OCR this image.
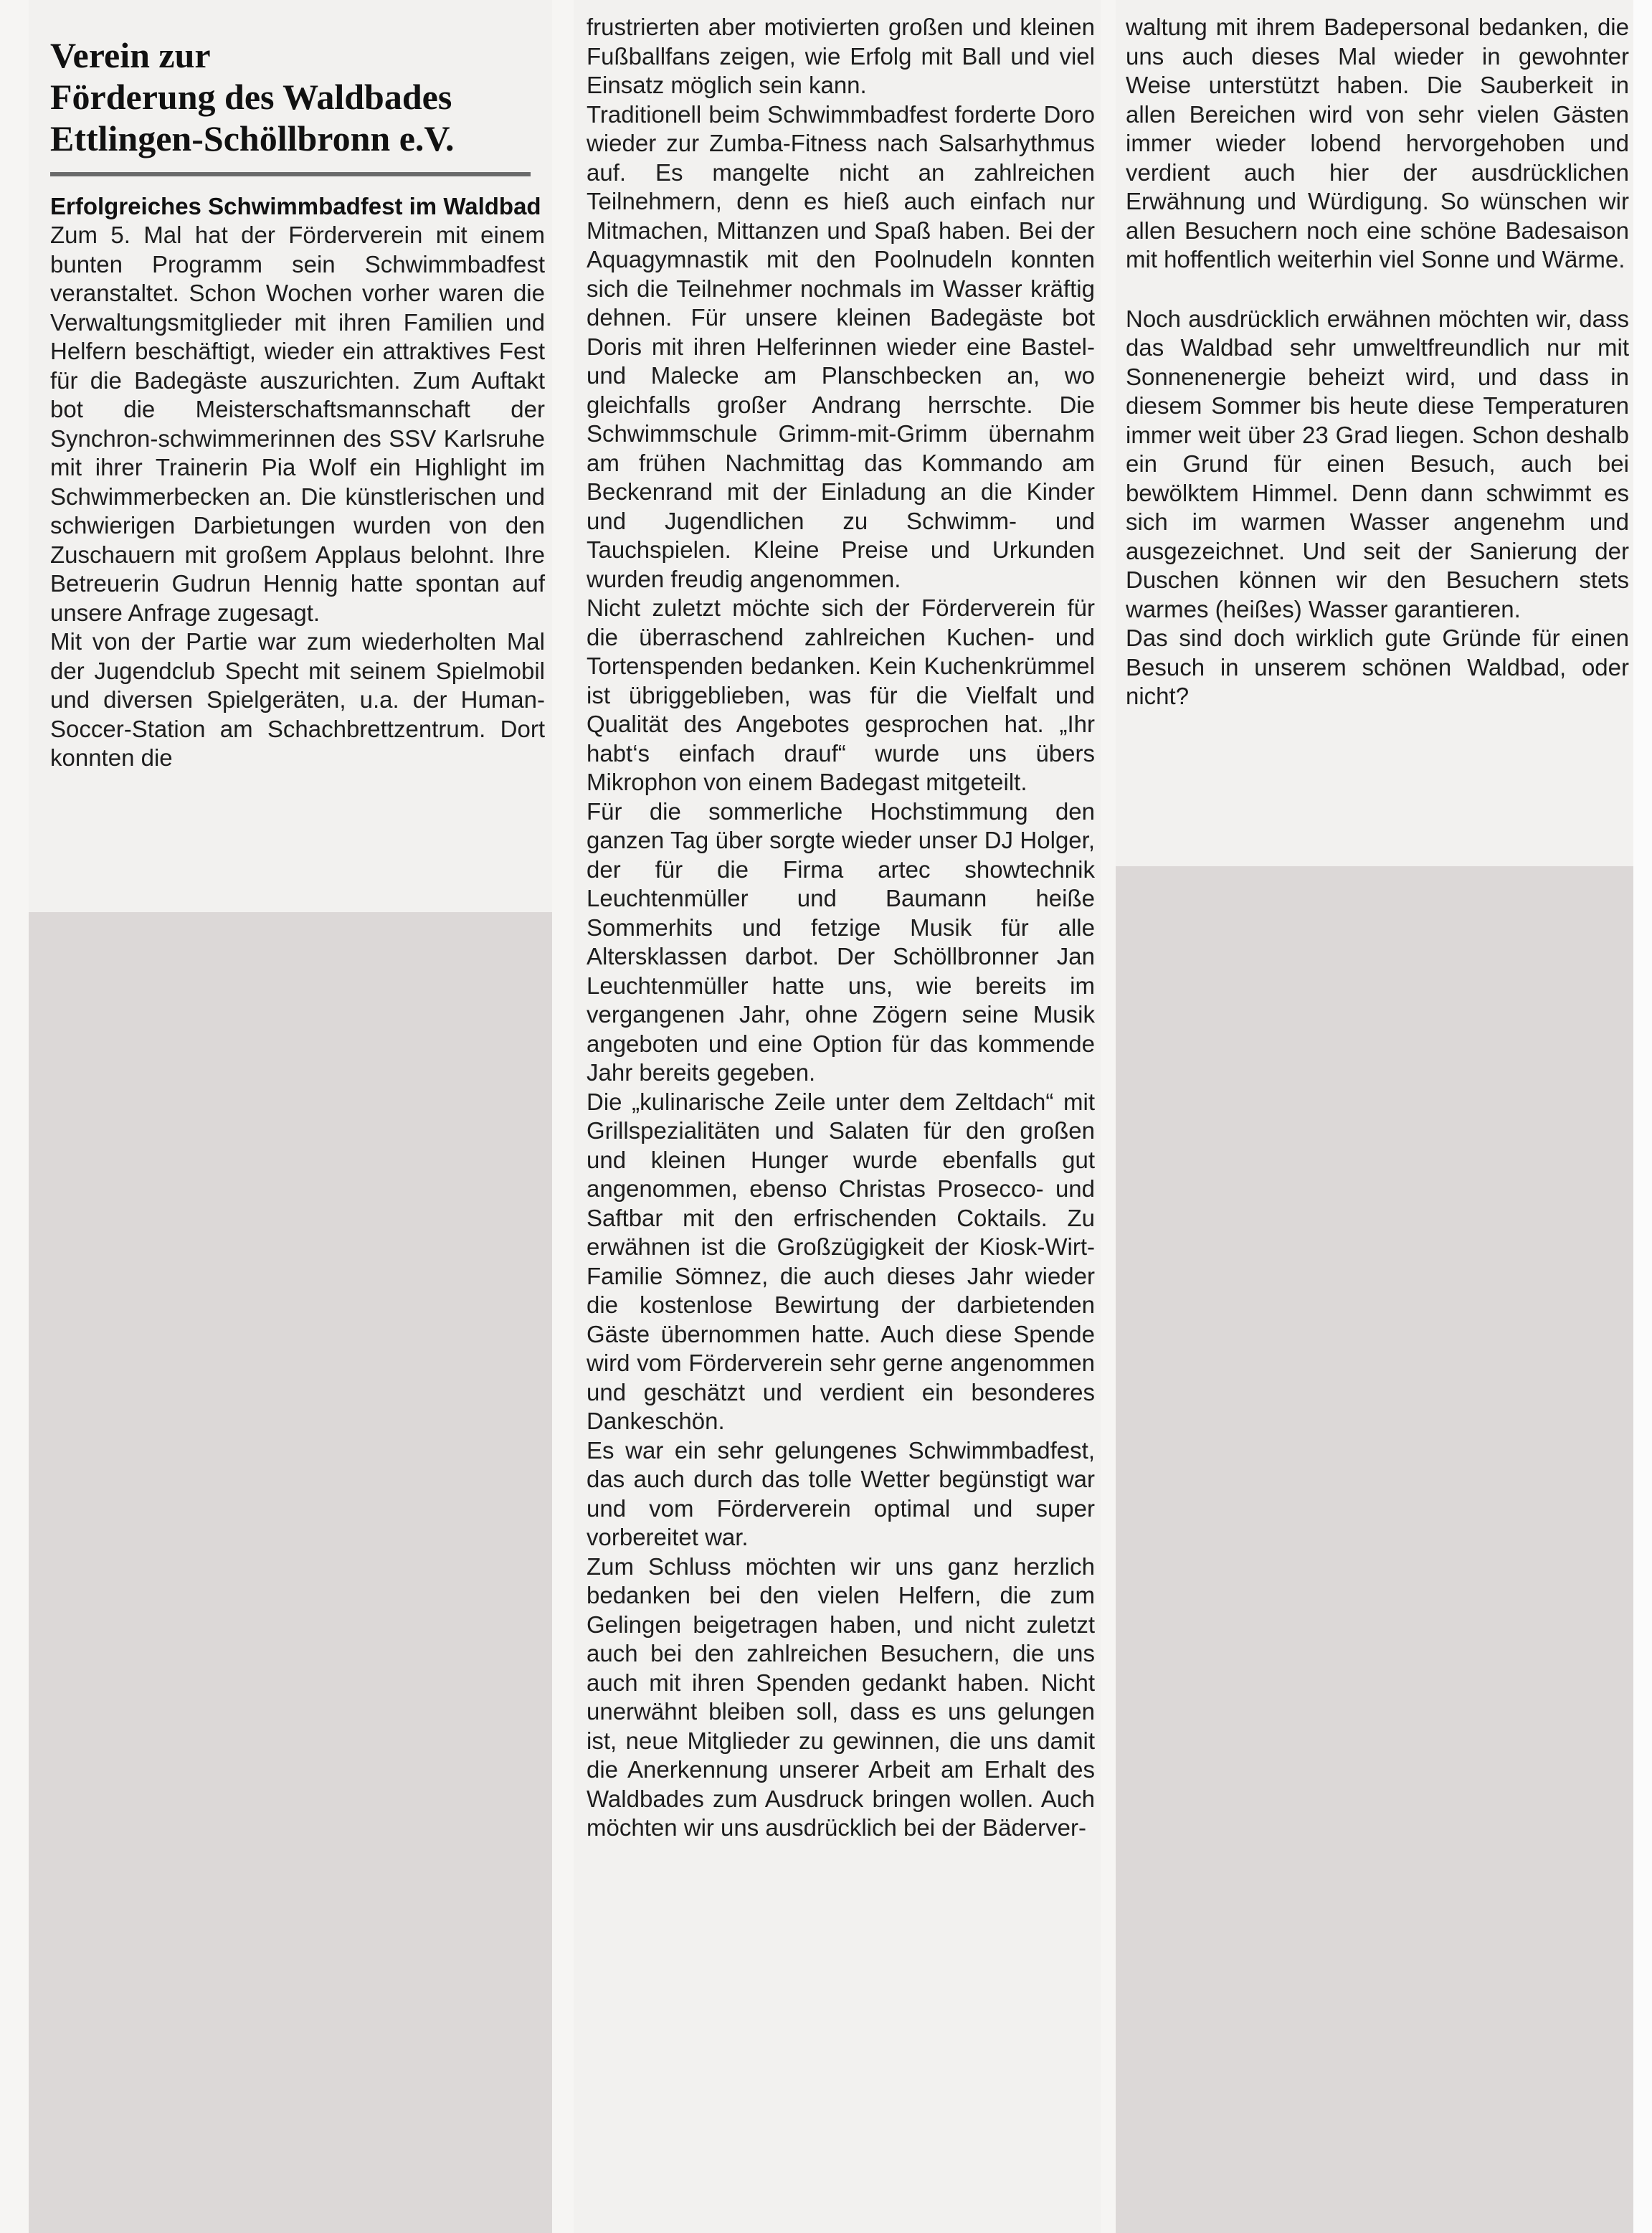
Verein zur
Förderung des Waldbades
Ettlingen-Schöllbronn e.V.
Erfolgreiches Schwimmbadfest im Waldbad

Zum 5. Mal hat der Förderverein mit einem bunten Programm sein Schwimmbadfest veranstaltet. Schon Wochen vorher waren die Verwaltungsmitglieder mit ihren Familien und Helfern beschäftigt, wieder ein attraktives Fest für die Badegäste auszurichten. Zum Auftakt bot die Meisterschaftsmannschaft der Synchron-schwimmerinnen des SSV Karlsruhe mit ihrer Trainerin Pia Wolf ein Highlight im Schwimmerbecken an. Die künstlerischen und schwierigen Darbietungen wurden von den Zuschauern mit großem Applaus belohnt. Ihre Betreuerin Gudrun Hennig hatte spontan auf unsere Anfrage zugesagt.

Mit von der Partie war zum wiederholten Mal der Jugendclub Specht mit seinem Spielmobil und diversen Spielgeräten, u.a. der Human-Soccer-Station am Schachbrettzentrum. Dort konnten die

frustrierten aber motivierten großen und kleinen Fußballfans zeigen, wie Erfolg mit Ball und viel Einsatz möglich sein kann.

Traditionell beim Schwimmbadfest forderte Doro wieder zur Zumba-Fitness nach Salsarhythmus auf. Es mangelte nicht an zahlreichen Teilnehmern, denn es hieß auch einfach nur Mitmachen, Mittanzen und Spaß haben. Bei der Aquagymnastik mit den Poolnudeln konnten sich die Teilnehmer nochmals im Wasser kräftig dehnen. Für unsere kleinen Badegäste bot Doris mit ihren Helferinnen wieder eine Bastel- und Malecke am Planschbecken an, wo gleichfalls großer Andrang herrschte. Die Schwimmschule Grimm-mit-Grimm übernahm am frühen Nachmittag das Kommando am Beckenrand mit der Einladung an die Kinder und Jugendlichen zu Schwimm- und Tauchspielen. Kleine Preise und Urkunden wurden freudig angenommen.

Nicht zuletzt möchte sich der Förderverein für die überraschend zahlreichen Kuchen- und Tortenspenden bedanken. Kein Kuchenkrümmel ist übriggeblieben, was für die Vielfalt und Qualität des Angebotes gesprochen hat. „Ihr habt‘s einfach drauf“ wurde uns übers Mikrophon von einem Badegast mitgeteilt.

Für die sommerliche Hochstimmung den ganzen Tag über sorgte wieder unser DJ Holger, der für die Firma artec showtechnik Leuchtenmüller und Baumann heiße Sommerhits und fetzige Musik für alle Altersklassen darbot. Der Schöllbronner Jan Leuchtenmüller hatte uns, wie bereits im vergangenen Jahr, ohne Zögern seine Musik angeboten und eine Option für das kommende Jahr bereits gegeben.

Die „kulinarische Zeile unter dem Zeltdach“ mit Grillspezialitäten und Salaten für den großen und kleinen Hunger wurde ebenfalls gut angenommen, ebenso Christas Prosecco- und Saftbar mit den erfrischenden Coktails. Zu erwähnen ist die Großzügigkeit der Kiosk-Wirt-Familie Sömnez, die auch dieses Jahr wieder die kostenlose Bewirtung der darbietenden Gäste übernommen hatte. Auch diese Spende wird vom Förderverein sehr gerne angenommen und geschätzt und verdient ein besonderes Dankeschön.

Es war ein sehr gelungenes Schwimmbadfest, das auch durch das tolle Wetter begünstigt war und vom Förderverein optimal und super vorbereitet war.

Zum Schluss möchten wir uns ganz herzlich bedanken bei den vielen Helfern, die zum Gelingen beigetragen haben, und nicht zuletzt auch bei den zahlreichen Besuchern, die uns auch mit ihren Spenden gedankt haben. Nicht unerwähnt bleiben soll, dass es uns gelungen ist, neue Mitglieder zu gewinnen, die uns damit die Anerkennung unserer Arbeit am Erhalt des Waldbades zum Ausdruck bringen wollen. Auch möchten wir uns ausdrücklich bei der Bäderver-

waltung mit ihrem Badepersonal bedanken, die uns auch dieses Mal wieder in gewohnter Weise unterstützt haben. Die Sauberkeit in allen Bereichen wird von sehr vielen Gästen immer wieder lobend hervorgehoben und verdient auch hier der ausdrücklichen Erwähnung und Würdigung. So wünschen wir allen Besuchern noch eine schöne Badesaison mit hoffentlich weiterhin viel Sonne und Wärme.

Noch ausdrücklich erwähnen möchten wir, dass das Waldbad sehr umweltfreundlich nur mit Sonnenenergie beheizt wird, und dass in diesem Sommer bis heute diese Temperaturen immer weit über 23 Grad liegen. Schon deshalb ein Grund für einen Besuch, auch bei bewölktem Himmel. Denn dann schwimmt es sich im warmen Wasser angenehm und ausgezeichnet. Und seit der Sanierung der Duschen können wir den Besuchern stets warmes (heißes) Wasser garantieren.

Das sind doch wirklich gute Gründe für einen Besuch in unserem schönen Waldbad, oder nicht?
